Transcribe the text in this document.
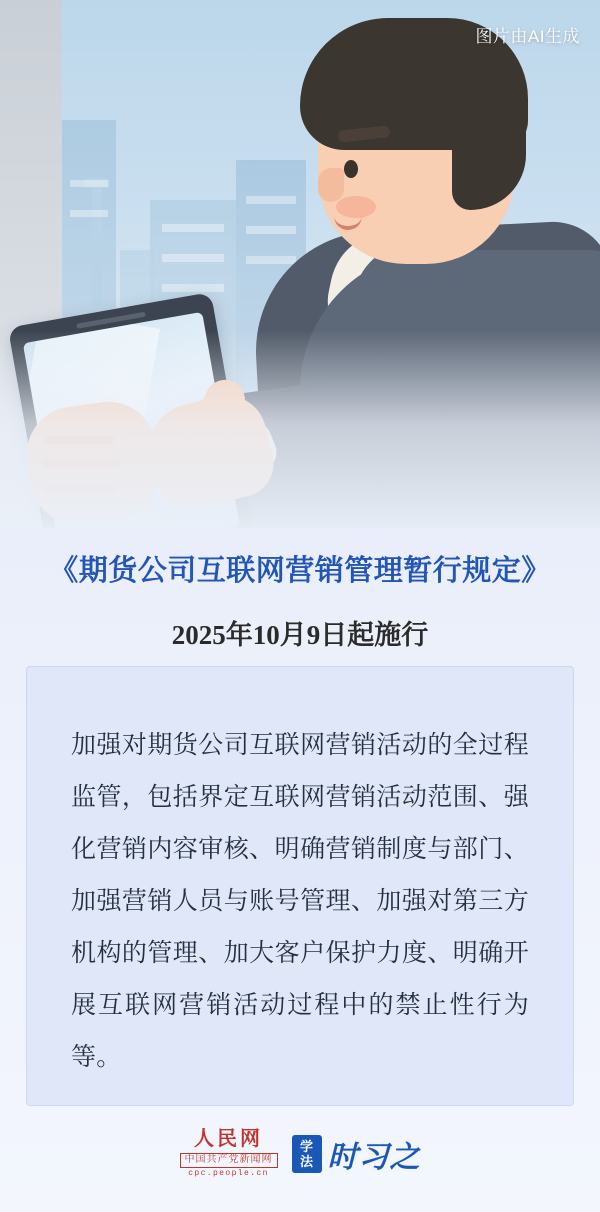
图片由AI生成
《期货公司互联网营销管理暂行规定》
2025年10月9日起施行

加强对期货公司互联网营销活动的全过程监管，包括界定互联网营销活动范围、强化营销内容审核、明确营销制度与部门、加强营销人员与账号管理、加强对第三方机构的管理、加大客户保护力度、明确开展互联网营销活动过程中的禁止性行为等。

人民网
中国共产党新闻网
cpc.people.cn
学法 时习之
